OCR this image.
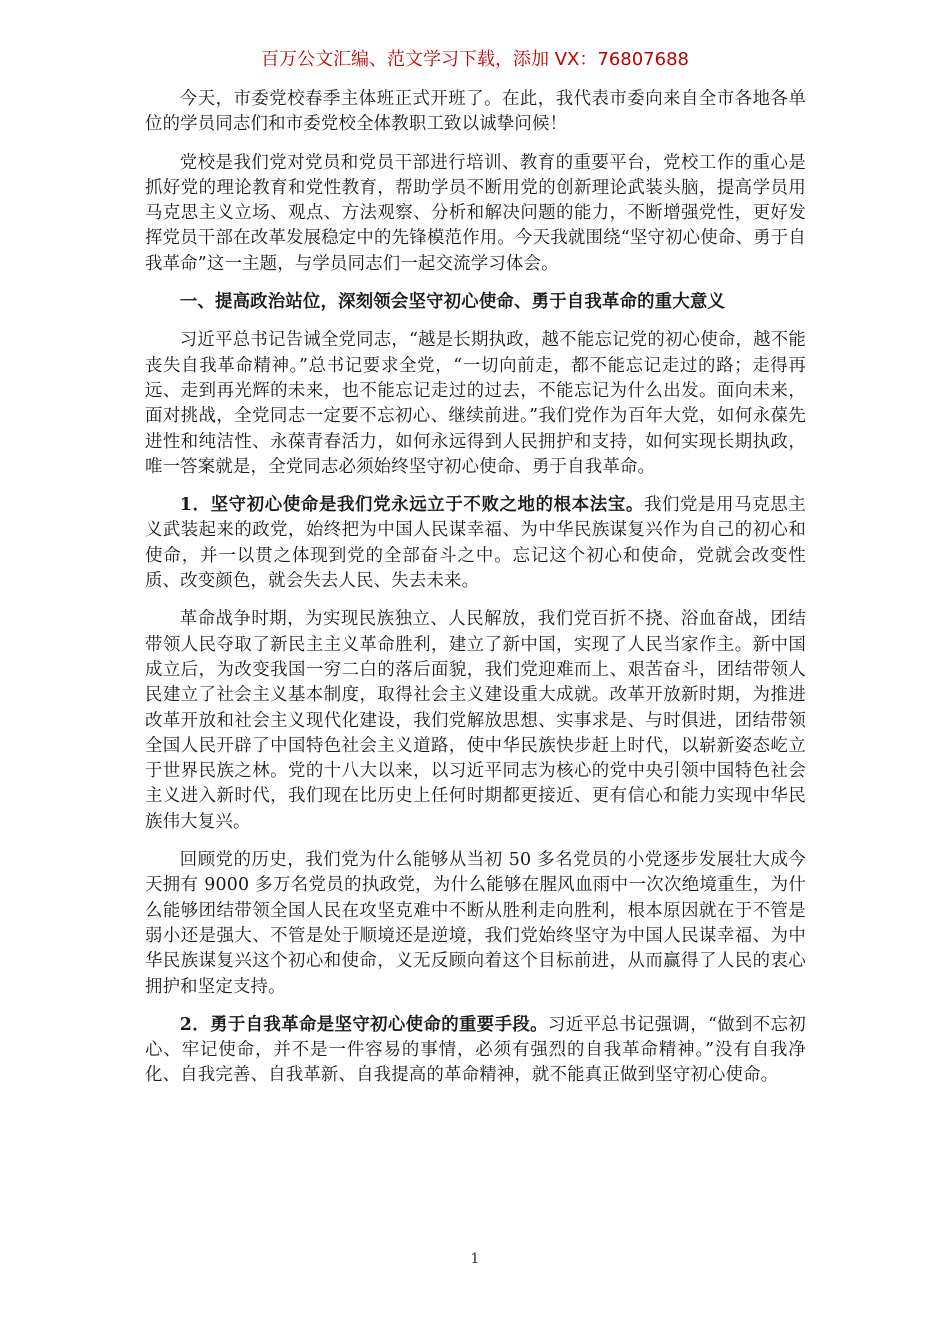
百万公文汇编、范文学习下载，添加 VX：76807688

今天，市委党校春季主体班正式开班了。在此，我代表市委向来自全市各地各单位的学员同志们和市委党校全体教职工致以诚挚问候！

党校是我们党对党员和党员干部进行培训、教育的重要平台，党校工作的重心是抓好党的理论教育和党性教育，帮助学员不断用党的创新理论武装头脑，提高学员用马克思主义立场、观点、方法观察、分析和解决问题的能力，不断增强党性，更好发挥党员干部在改革发展稳定中的先锋模范作用。今天我就围绕“坚守初心使命、勇于自我革命”这一主题，与学员同志们一起交流学习体会。

一、提高政治站位，深刻领会坚守初心使命、勇于自我革命的重大意义

习近平总书记告诫全党同志，“越是长期执政，越不能忘记党的初心使命，越不能丧失自我革命精神。”总书记要求全党，“一切向前走，都不能忘记走过的路；走得再远、走到再光辉的未来，也不能忘记走过的过去，不能忘记为什么出发。面向未来，面对挑战，全党同志一定要不忘初心、继续前进。”我们党作为百年大党，如何永葆先进性和纯洁性、永葆青春活力，如何永远得到人民拥护和支持，如何实现长期执政，唯一答案就是，全党同志必须始终坚守初心使命、勇于自我革命。

1．坚守初心使命是我们党永远立于不败之地的根本法宝。我们党是用马克思主义武装起来的政党，始终把为中国人民谋幸福、为中华民族谋复兴作为自己的初心和使命，并一以贯之体现到党的全部奋斗之中。忘记这个初心和使命，党就会改变性质、改变颜色，就会失去人民、失去未来。

革命战争时期，为实现民族独立、人民解放，我们党百折不挠、浴血奋战，团结带领人民夺取了新民主主义革命胜利，建立了新中国，实现了人民当家作主。新中国成立后，为改变我国一穷二白的落后面貌，我们党迎难而上、艰苦奋斗，团结带领人民建立了社会主义基本制度，取得社会主义建设重大成就。改革开放新时期，为推进改革开放和社会主义现代化建设，我们党解放思想、实事求是、与时俱进，团结带领全国人民开辟了中国特色社会主义道路，使中华民族快步赶上时代，以崭新姿态屹立于世界民族之林。党的十八大以来，以习近平同志为核心的党中央引领中国特色社会主义进入新时代，我们现在比历史上任何时期都更接近、更有信心和能力实现中华民族伟大复兴。

回顾党的历史，我们党为什么能够从当初 50 多名党员的小党逐步发展壮大成今天拥有 9000 多万名党员的执政党，为什么能够在腥风血雨中一次次绝境重生，为什么能够团结带领全国人民在攻坚克难中不断从胜利走向胜利，根本原因就在于不管是弱小还是强大、不管是处于顺境还是逆境，我们党始终坚守为中国人民谋幸福、为中华民族谋复兴这个初心和使命，义无反顾向着这个目标前进，从而赢得了人民的衷心拥护和坚定支持。

2．勇于自我革命是坚守初心使命的重要手段。习近平总书记强调，“做到不忘初心、牢记使命，并不是一件容易的事情，必须有强烈的自我革命精神。”没有自我净化、自我完善、自我革新、自我提高的革命精神，就不能真正做到坚守初心使命。

1
